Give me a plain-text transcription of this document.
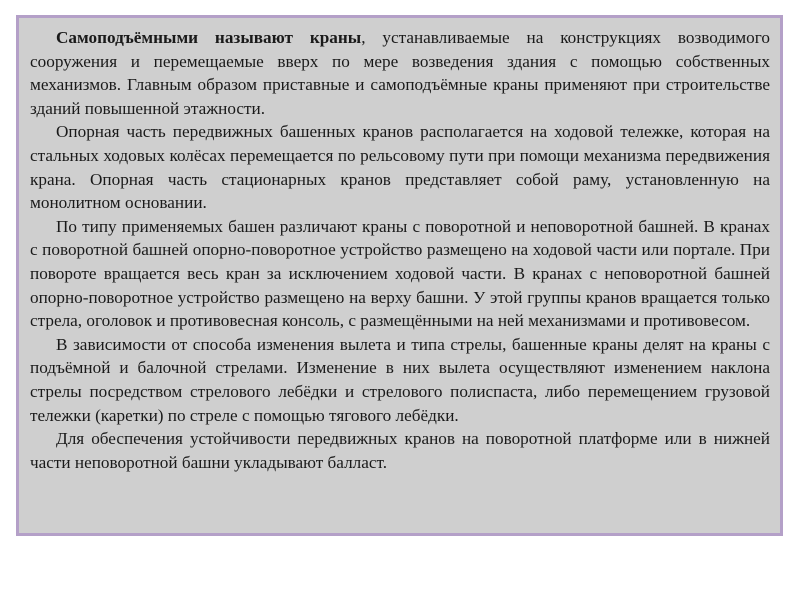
Самоподъёмными называют краны, устанавливаемые на конструкциях возводимого сооружения и перемещаемые вверх по мере возведения здания с помощью собственных механизмов. Главным образом приставные и самоподъёмные краны применяют при строительстве зданий повышенной этажности.

Опорная часть передвижных башенных кранов располагается на ходовой тележке, которая на стальных ходовых колёсах перемещается по рельсовому пути при помощи механизма передвижения крана. Опорная часть стационарных кранов представляет собой раму, установленную на монолитном основании.

По типу применяемых башен различают краны с поворотной и неповоротной башней. В кранах с поворотной башней опорно-поворотное устройство размещено на ходовой части или портале. При повороте вращается весь кран за исключением ходовой части. В кранах с неповоротной башней опорно-поворотное устройство размещено на верху башни. У этой группы кранов вращается только стрела, оголовок и противовесная консоль, с размещёнными на ней механизмами и противовесом.

В зависимости от способа изменения вылета и типа стрелы, башенные краны делят на краны с подъёмной и балочной стрелами. Изменение в них вылета осуществляют изменением наклона стрелы посредством стрелового лебёдки и стрелового полиспаста, либо перемещением грузовой тележки (каретки) по стреле с помощью тягового лебёдки.

Для обеспечения устойчивости передвижных кранов на поворотной платформе или в нижней части неповоротной башни укладывают балласт.
